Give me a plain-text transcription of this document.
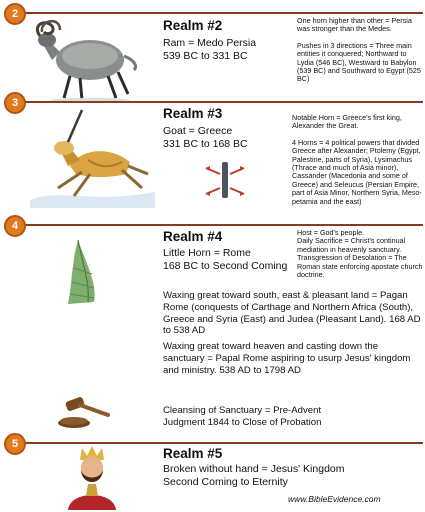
2
Realm #2
Ram = Medo Persia
539 BC to 331 BC
One horn higher than other = Persia was stronger than the Medes.
Pushes in 3 directions = Three main entities it conquered; Northward to Lydia (546 BC), Westward to Babylon (539 BC) and Southward to Egypt (525 BC)
3
Realm #3
Goat = Greece
331 BC to 168 BC
Notable Horn = Greece's first king, Alexander the Great.
4 Horns = 4 political powers that divided Greece after Alexander; Ptolemy (Egypt, Palestine, parts of Syria), Lysimachus (Thrace and much of Asia minor), Cassander (Macedonia and some of Greece) and Seleucus (Persian Empire, part of Asia Minor, Northern Syria, Meso-petamia and the east)
4
Realm #4
Little Horn = Rome
168 BC to Second Coming
Host = God's people.
Daily Sacrifice = Christ's continual mediation in heavenly sanctuary.
Transgression of Desolation = The Roman state enforcing apostate church doctrine.
Waxing great toward south, east & pleasant land = Pagan Rome (conquests of Carthage and Northern Africa (South), Greece and Syria (East) and Judea (Pleasant Land). 168 AD to 538 AD
Waxing great toward heaven and casting down the sanctuary = Papal Rome aspiring to usurp Jesus' kingdom and ministry. 538 AD to 1798 AD
Cleansing of Sanctuary = Pre-Advent Judgment 1844 to Close of Probation
5
Realm #5
Broken without hand = Jesus' Kingdom
Second Coming to Eternity
www.BibleEvidence.com
